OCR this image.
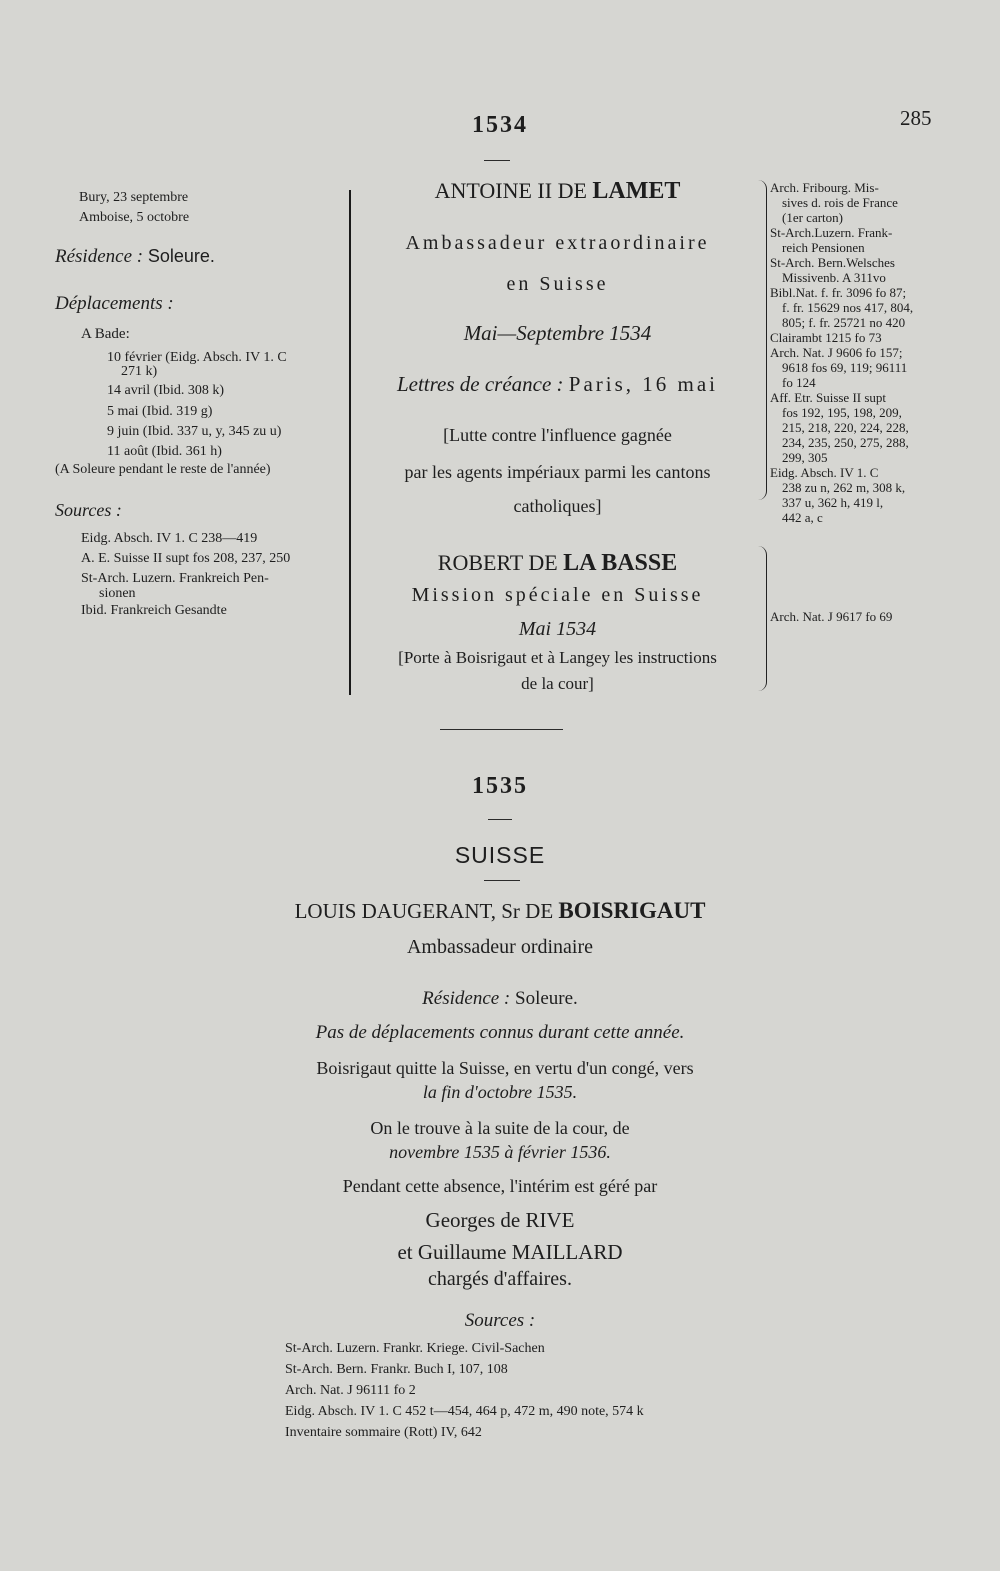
1534	285
Bury, 23 septembre
Amboise, 5 octobre
Résidence : Soleure.
Déplacements :
A Bade:
10 février (Eidg. Absch. IV 1. C
271 k)
14 avril (Ibid. 308 k)
5 mai (Ibid. 319 g)
9 juin (Ibid. 337 u, y, 345 zu u)
11 août (Ibid. 361 h)
(A Soleure pendant le reste de l'année)
Sources :
Eidg. Absch. IV 1. C 238—419
A. E. Suisse II supt fos 208, 237, 250
St-Arch. Luzern. Frankreich Pen-
sionen
Ibid. Frankreich Gesandte
ANTOINE II DE LAMET
Ambassadeur extraordinaire
en Suisse
Mai—Septembre 1534
Lettres de créance : Paris, 16 mai
[Lutte contre l'influence gagnée
par les agents impériaux parmi les cantons
catholiques]
ROBERT DE LA BASSE
Mission spéciale en Suisse
Mai 1534
[Porte à Boisrigaut et à Langey les instructions
de la cour]
Arch. Fribourg. Mis-
sives d. rois de France
(1er carton)
St-Arch.Luzern. Frank-
reich Pensionen
St-Arch. Bern.Welsches
Missivenb. A 311vo
Bibl.Nat. f. fr. 3096 fo 87;
f. fr. 15629 nos 417, 804,
805; f. fr. 25721 no 420
Clairambt 1215 fo 73
Arch. Nat. J 9606 fo 157;
9618 fos 69, 119; 96111
fo 124
Aff. Etr. Suisse II supt
fos 192, 195, 198, 209,
215, 218, 220, 224, 228,
234, 235, 250, 275, 288,
299, 305
Eidg. Absch. IV 1. C
238 zu n, 262 m, 308 k,
337 u, 362 h, 419 l,
442 a, c
Arch. Nat. J 9617 fo 69
1535
SUISSE
LOUIS DAUGERANT, Sr DE BOISRIGAUT
Ambassadeur ordinaire
Résidence : Soleure.
Pas de déplacements connus durant cette année.
Boisrigaut quitte la Suisse, en vertu d'un congé, vers
la fin d'octobre 1535.
On le trouve à la suite de la cour, de
novembre 1535 à février 1536.
Pendant cette absence, l'intérim est géré par
Georges de RIVE
et Guillaume MAILLARD
chargés d'affaires.
Sources :
St-Arch. Luzern. Frankr. Kriege. Civil-Sachen
St-Arch. Bern. Frankr. Buch I, 107, 108
Arch. Nat. J 96111 fo 2
Eidg. Absch. IV 1. C 452 t—454, 464 p, 472 m, 490 note, 574 k
Inventaire sommaire (Rott) IV, 642
